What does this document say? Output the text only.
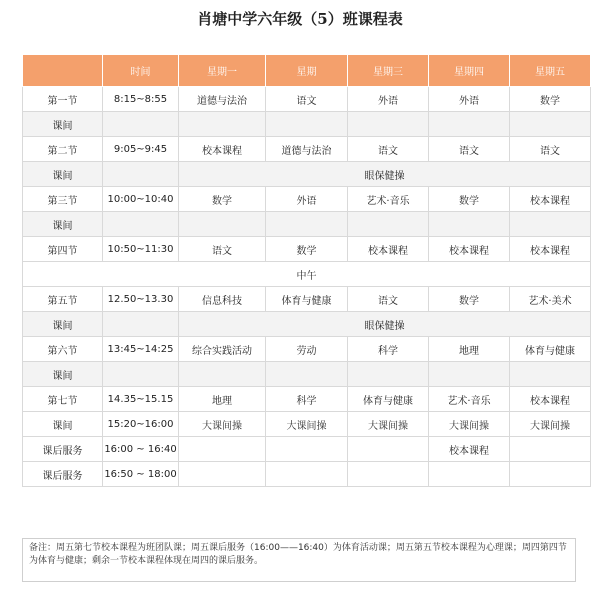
肖塘中学六年级（5）班课程表
	时间	星期一	星期	星期三	星期四	星期五
第一节	8:15~8:55	道德与法治	语文	外语	外语	数学
课间						
第二节	9:05~9:45	校本课程	道德与法治	语文	语文	语文
课间		眼保健操				
第三节	10:00~10:40	数学	外语	艺术·音乐	数学	校本课程
课间						
第四节	10:50~11:30	语文	数学	校本课程	校本课程	校本课程
中午						
第五节	12.50~13.30	信息科技	体育与健康	语文	数学	艺术·美术
课间		眼保健操				
第六节	13:45~14:25	综合实践活动	劳动	科学	地理	体育与健康
课间						
第七节	14.35~15.15	地理	科学	体育与健康	艺术·音乐	校本课程
课间	15:20~16:00	大课间操	大课间操	大课间操	大课间操	大课间操
课后服务	16:00 ~ 16:40				校本课程	
课后服务	16:50 ~ 18:00					
备注：周五第七节校本课程为班团队课；周五课后服务（16:00——16:40）为体育活动课；周五第五节校本课程为心理课；周四第四节为体育与健康；剩余一节校本课程体现在周四的课后服务。
